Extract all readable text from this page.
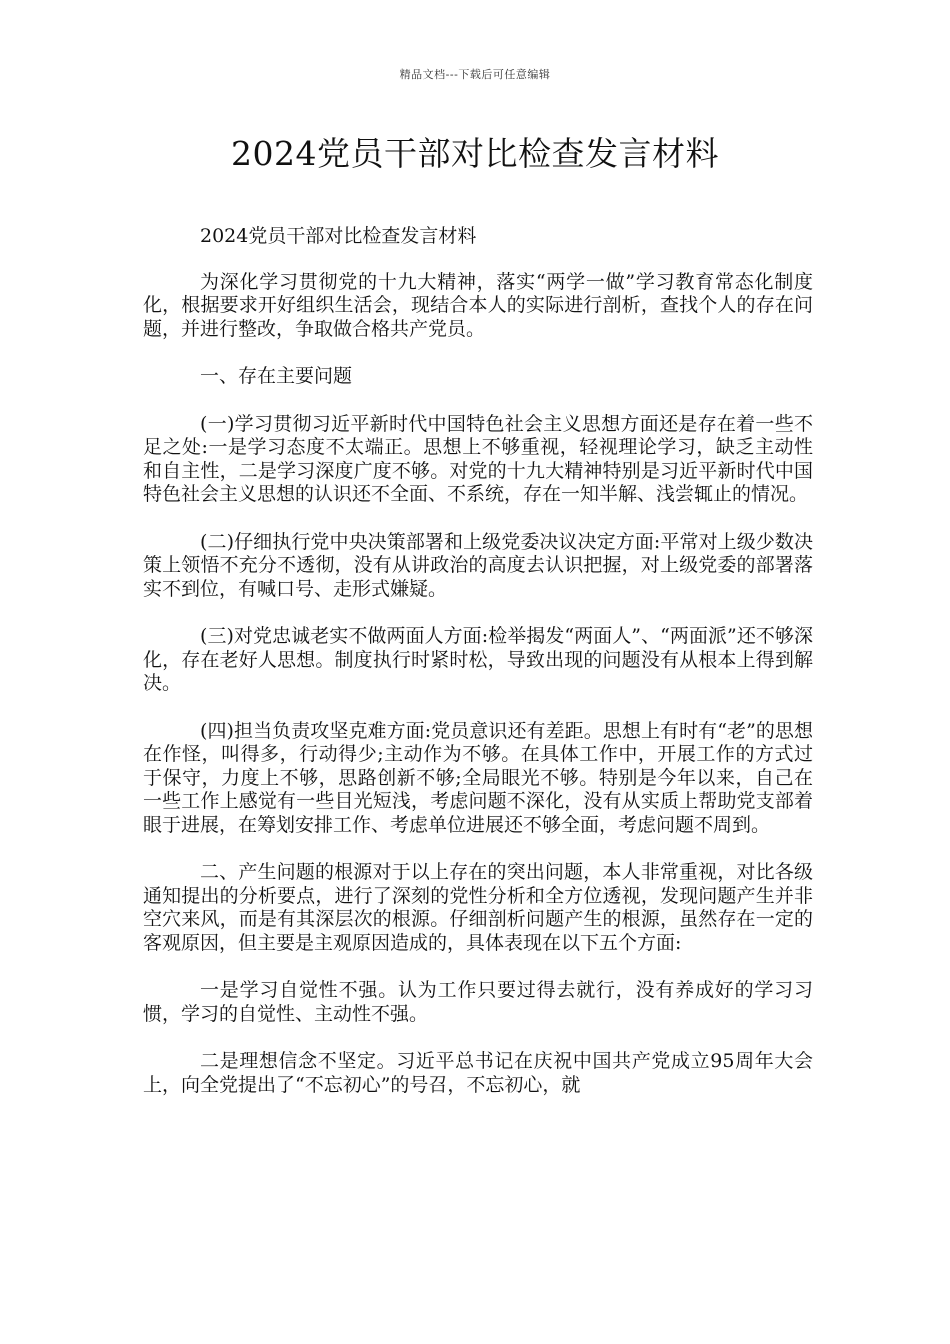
精品文档---下载后可任意编辑
2024党员干部对比检查发言材料

2024党员干部对比检查发言材料

为深化学习贯彻党的十九大精神，落实“两学一做”学习教育常态化制度化，根据要求开好组织生活会，现结合本人的实际进行剖析，查找个人的存在问题，并进行整改，争取做合格共产党员。

一、存在主要问题

(一)学习贯彻习近平新时代中国特色社会主义思想方面还是存在着一些不足之处:一是学习态度不太端正。思想上不够重视，轻视理论学习，缺乏主动性和自主性，二是学习深度广度不够。对党的十九大精神特别是习近平新时代中国特色社会主义思想的认识还不全面、不系统，存在一知半解、浅尝辄止的情况。

(二)仔细执行党中央决策部署和上级党委决议决定方面:平常对上级少数决策上领悟不充分不透彻，没有从讲政治的高度去认识把握，对上级党委的部署落实不到位，有喊口号、走形式嫌疑。

(三)对党忠诚老实不做两面人方面:检举揭发“两面人”、“两面派”还不够深化，存在老好人思想。制度执行时紧时松，导致出现的问题没有从根本上得到解决。

(四)担当负责攻坚克难方面:党员意识还有差距。思想上有时有“老”的思想在作怪，叫得多，行动得少;主动作为不够。在具体工作中，开展工作的方式过于保守，力度上不够，思路创新不够;全局眼光不够。特别是今年以来，自己在一些工作上感觉有一些目光短浅，考虑问题不深化，没有从实质上帮助党支部着眼于进展，在筹划安排工作、考虑单位进展还不够全面，考虑问题不周到。

二、产生问题的根源对于以上存在的突出问题，本人非常重视，对比各级通知提出的分析要点，进行了深刻的党性分析和全方位透视，发现问题产生并非空穴来风，而是有其深层次的根源。仔细剖析问题产生的根源，虽然存在一定的客观原因，但主要是主观原因造成的，具体表现在以下五个方面:

一是学习自觉性不强。认为工作只要过得去就行，没有养成好的学习习惯，学习的自觉性、主动性不强。

二是理想信念不坚定。习近平总书记在庆祝中国共产党成立95周年大会上，向全党提出了“不忘初心”的号召，不忘初心，就
